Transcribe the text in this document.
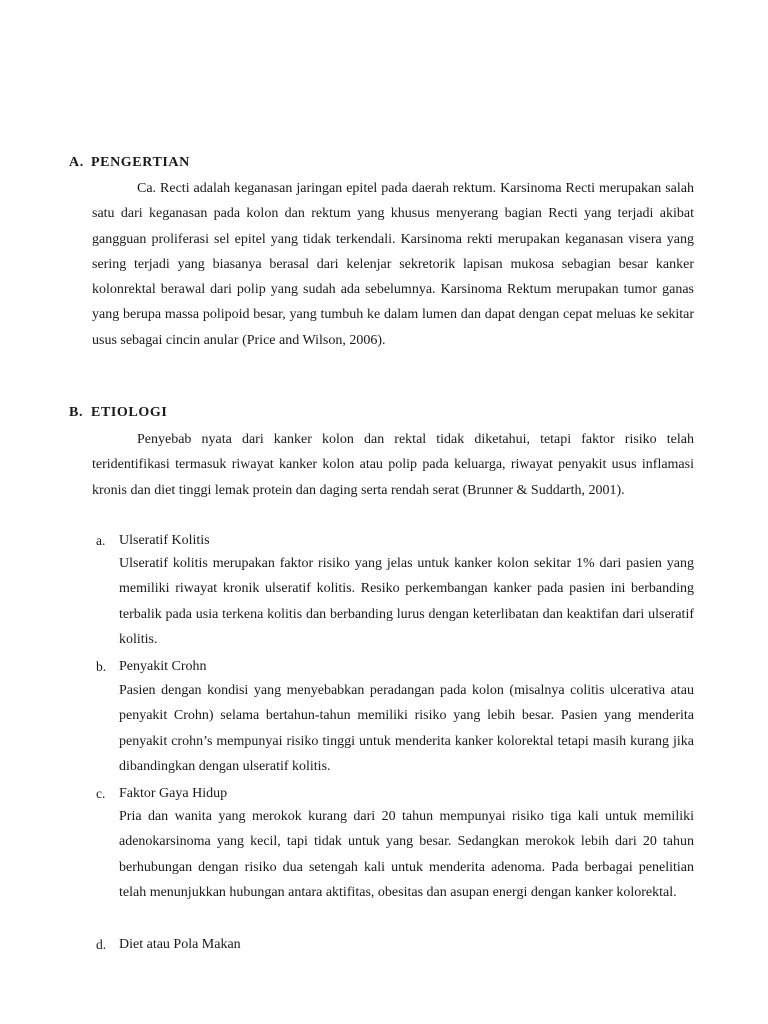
A. PENGERTIAN

Ca. Recti adalah keganasan jaringan epitel pada daerah rektum. Karsinoma Recti merupakan salah satu dari keganasan pada kolon dan rektum yang khusus menyerang bagian Recti yang terjadi akibat gangguan proliferasi sel epitel yang tidak terkendali. Karsinoma rekti merupakan keganasan visera yang sering terjadi yang biasanya berasal dari kelenjar sekretorik lapisan mukosa sebagian besar kanker kolonrektal berawal dari polip yang sudah ada sebelumnya. Karsinoma Rektum merupakan tumor ganas yang berupa massa polipoid besar, yang tumbuh ke dalam lumen dan dapat dengan cepat meluas ke sekitar usus sebagai cincin anular (Price and Wilson, 2006).

B. ETIOLOGI

Penyebab nyata dari kanker kolon dan rektal tidak diketahui, tetapi faktor risiko telah teridentifikasi termasuk riwayat kanker kolon atau polip pada keluarga, riwayat penyakit usus inflamasi kronis dan diet tinggi lemak protein dan daging serta rendah serat (Brunner & Suddarth, 2001).

a. Ulseratif Kolitis

Ulseratif kolitis merupakan faktor risiko yang jelas untuk kanker kolon sekitar 1% dari pasien yang memiliki riwayat kronik ulseratif kolitis. Resiko perkembangan kanker pada pasien ini berbanding terbalik pada usia terkena kolitis dan berbanding lurus dengan keterlibatan dan keaktifan dari ulseratif kolitis.

b. Penyakit Crohn

Pasien dengan kondisi yang menyebabkan peradangan pada kolon (misalnya colitis ulcerativa atau penyakit Crohn) selama bertahun-tahun memiliki risiko yang lebih besar. Pasien yang menderita penyakit crohn’s mempunyai risiko tinggi untuk menderita kanker kolorektal tetapi masih kurang jika dibandingkan dengan ulseratif kolitis.

c. Faktor Gaya Hidup

Pria dan wanita yang merokok kurang dari 20 tahun mempunyai risiko tiga kali untuk memiliki adenokarsinoma yang kecil, tapi tidak untuk yang besar. Sedangkan merokok lebih dari 20 tahun berhubungan dengan risiko dua setengah kali untuk menderita adenoma. Pada berbagai penelitian telah menunjukkan hubungan antara aktifitas, obesitas dan asupan energi dengan kanker kolorektal.

d. Diet atau Pola Makan
